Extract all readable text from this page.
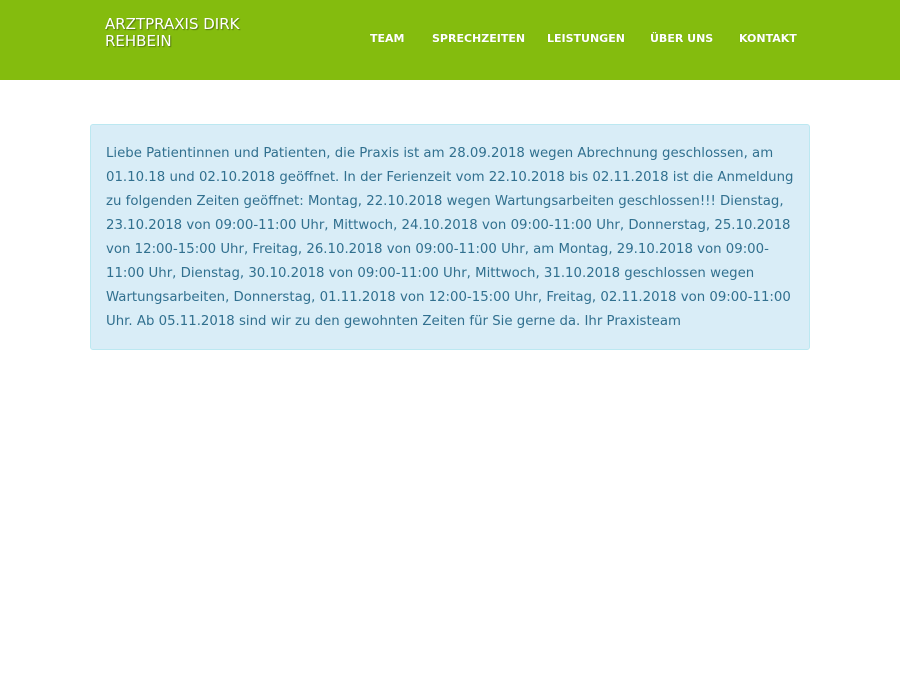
ARZTPRAXIS DIRK REHBEIN	TEAM	SPRECHZEITEN LEISTUNGEN ÜBER UNS KONTAKT

Liebe Patientinnen und Patienten, die Praxis ist am 28.09.2018 wegen Abrechnung geschlossen, am 01.10.18 und 02.10.2018 geöffnet. In der Ferienzeit vom 22.10.2018 bis 02.11.2018 ist die Anmeldung zu folgenden Zeiten geöffnet: Montag, 22.10.2018 wegen Wartungsarbeiten geschlossen!!! Dienstag, 23.10.2018 von 09:00-11:00 Uhr, Mittwoch, 24.10.2018 von 09:00-11:00 Uhr, Donnerstag, 25.10.2018 von 12:00-15:00 Uhr, Freitag, 26.10.2018 von 09:00-11:00 Uhr, am Montag, 29.10.2018 von 09:00-11:00 Uhr, Dienstag, 30.10.2018 von 09:00-11:00 Uhr, Mittwoch, 31.10.2018 geschlossen wegen Wartungsarbeiten, Donnerstag, 01.11.2018 von 12:00-15:00 Uhr, Freitag, 02.11.2018 von 09:00-11:00 Uhr. Ab 05.11.2018 sind wir zu den gewohnten Zeiten für Sie gerne da. Ihr Praxisteam
